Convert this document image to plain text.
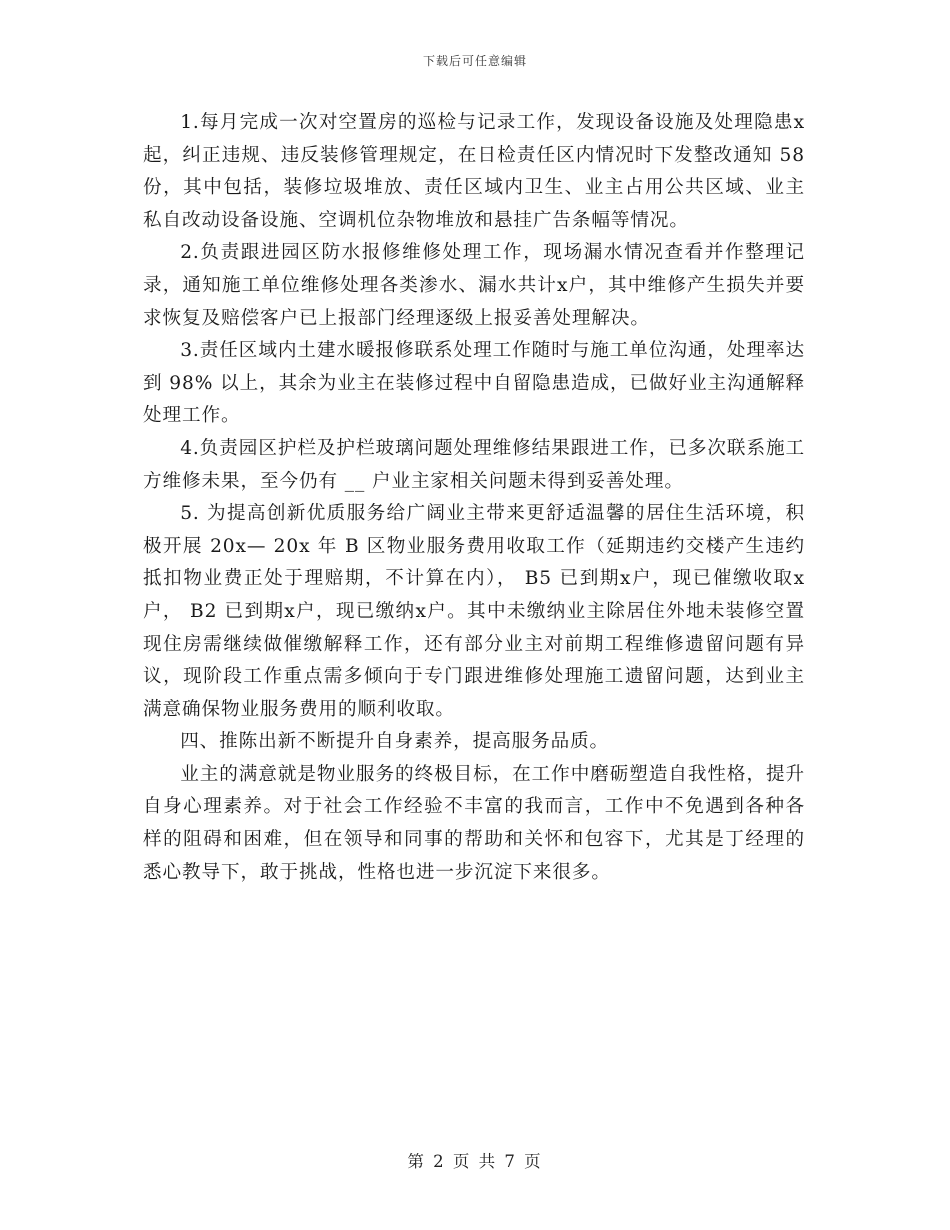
下载后可任意编辑

1.每月完成一次对空置房的巡检与记录工作，发现设备设施及处理隐患x起，纠正违规、违反装修管理规定，在日检责任区内情况时下发整改通知 58 份，其中包括，装修垃圾堆放、责任区域内卫生、业主占用公共区域、业主私自改动设备设施、空调机位杂物堆放和悬挂广告条幅等情况。

2.负责跟进园区防水报修维修处理工作，现场漏水情况查看并作整理记录，通知施工单位维修处理各类渗水、漏水共计x户，其中维修产生损失并要求恢复及赔偿客户已上报部门经理逐级上报妥善处理解决。

3.责任区域内土建水暖报修联系处理工作随时与施工单位沟通，处理率达到 98% 以上，其余为业主在装修过程中自留隐患造成，已做好业主沟通解释处理工作。

4.负责园区护栏及护栏玻璃问题处理维修结果跟进工作，已多次联系施工方维修未果，至今仍有 __ 户业主家相关问题未得到妥善处理。

5. 为提高创新优质服务给广阔业主带来更舒适温馨的居住生活环境，积极开展 20x— 20x 年 B 区物业服务费用收取工作（延期违约交楼产生违约抵扣物业费正处于理赔期，不计算在内）， B5 已到期x户，现已催缴收取x户， B2 已到期x户，现已缴纳x户。其中未缴纳业主除居住外地未装修空置现住房需继续做催缴解释工作，还有部分业主对前期工程维修遗留问题有异议，现阶段工作重点需多倾向于专门跟进维修处理施工遗留问题，达到业主满意确保物业服务费用的顺利收取。

四、推陈出新不断提升自身素养，提高服务品质。

业主的满意就是物业服务的终极目标，在工作中磨砺塑造自我性格，提升自身心理素养。对于社会工作经验不丰富的我而言，工作中不免遇到各种各样的阻碍和困难，但在领导和同事的帮助和关怀和包容下，尤其是丁经理的悉心教导下，敢于挑战，性格也进一步沉淀下来很多。

第 2 页 共 7 页
